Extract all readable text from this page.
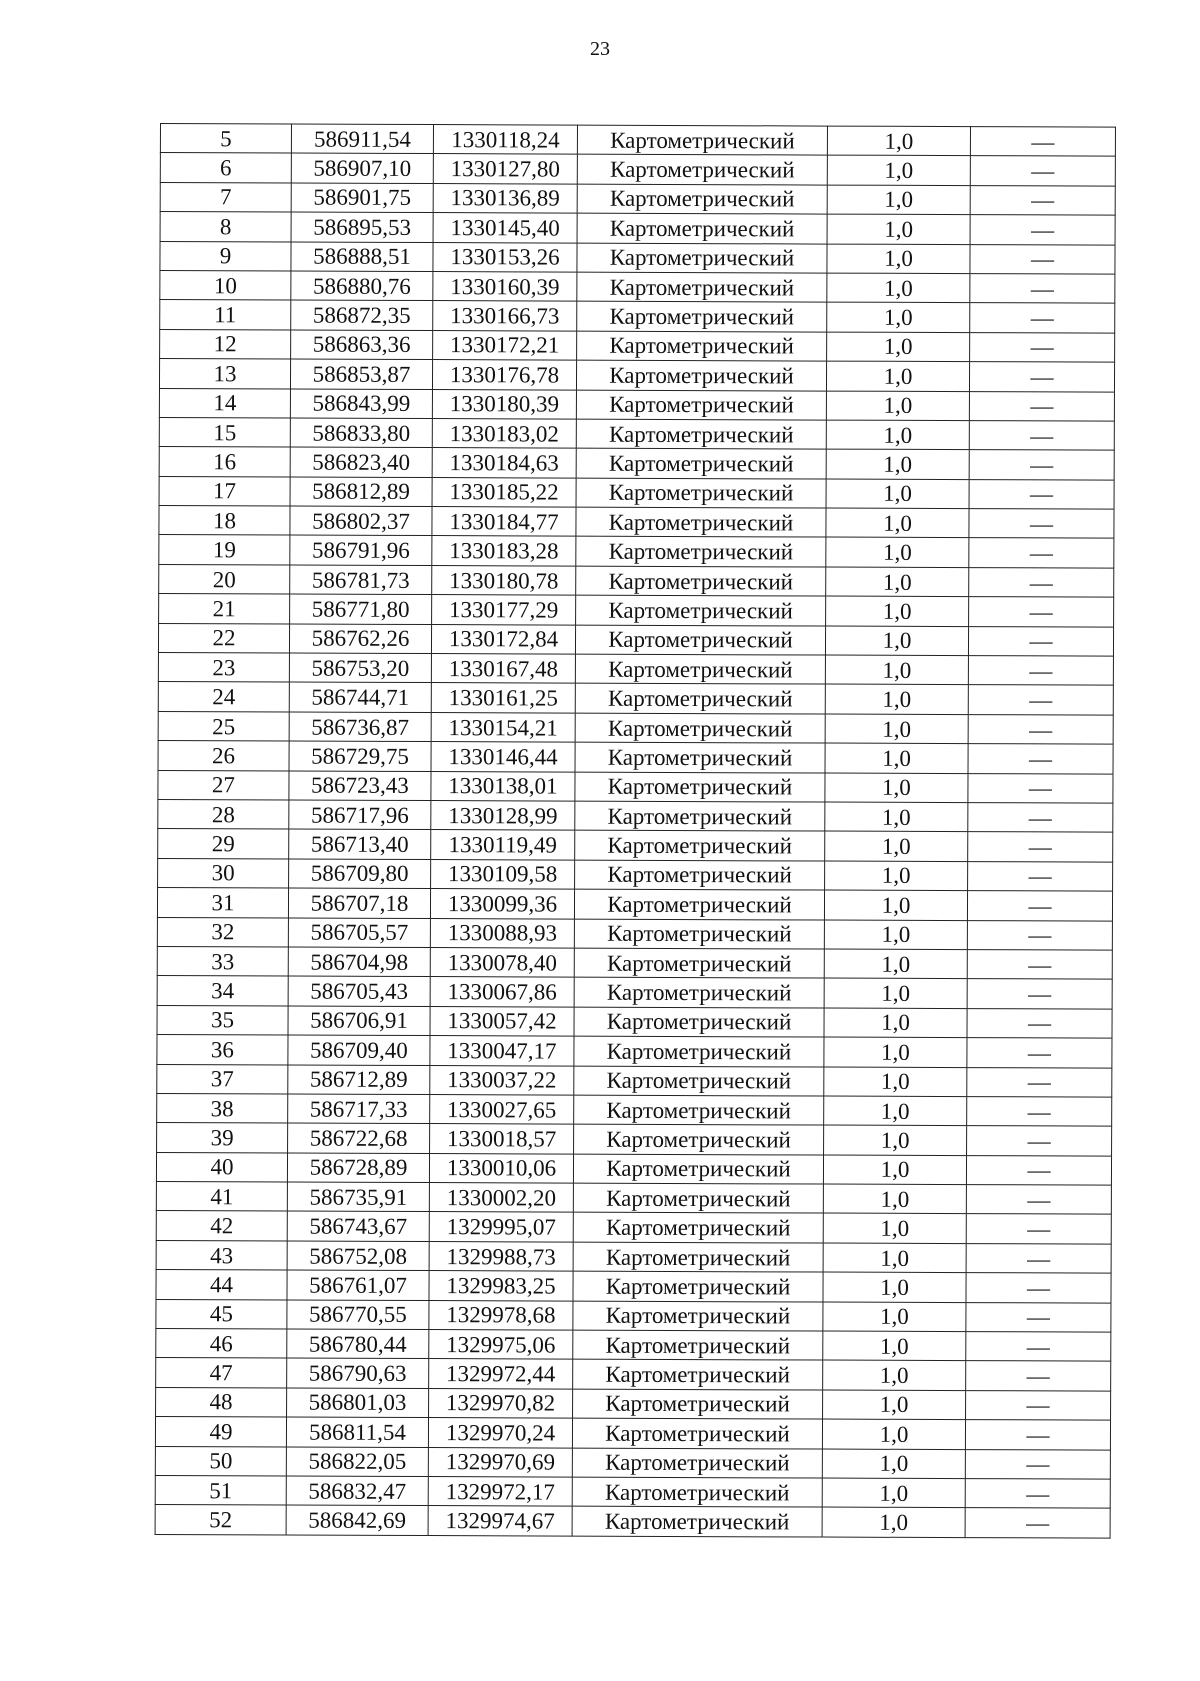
23
5	586911,54	1330118,24	Картометрический	1,0	—
6	586907,10	1330127,80	Картометрический	1,0	—
7	586901,75	1330136,89	Картометрический	1,0	—
8	586895,53	1330145,40	Картометрический	1,0	—
9	586888,51	1330153,26	Картометрический	1,0	—
10	586880,76	1330160,39	Картометрический	1,0	—
11	586872,35	1330166,73	Картометрический	1,0	—
12	586863,36	1330172,21	Картометрический	1,0	—
13	586853,87	1330176,78	Картометрический	1,0	—
14	586843,99	1330180,39	Картометрический	1,0	—
15	586833,80	1330183,02	Картометрический	1,0	—
16	586823,40	1330184,63	Картометрический	1,0	—
17	586812,89	1330185,22	Картометрический	1,0	—
18	586802,37	1330184,77	Картометрический	1,0	—
19	586791,96	1330183,28	Картометрический	1,0	—
20	586781,73	1330180,78	Картометрический	1,0	—
21	586771,80	1330177,29	Картометрический	1,0	—
22	586762,26	1330172,84	Картометрический	1,0	—
23	586753,20	1330167,48	Картометрический	1,0	—
24	586744,71	1330161,25	Картометрический	1,0	—
25	586736,87	1330154,21	Картометрический	1,0	—
26	586729,75	1330146,44	Картометрический	1,0	—
27	586723,43	1330138,01	Картометрический	1,0	—
28	586717,96	1330128,99	Картометрический	1,0	—
29	586713,40	1330119,49	Картометрический	1,0	—
30	586709,80	1330109,58	Картометрический	1,0	—
31	586707,18	1330099,36	Картометрический	1,0	—
32	586705,57	1330088,93	Картометрический	1,0	—
33	586704,98	1330078,40	Картометрический	1,0	—
34	586705,43	1330067,86	Картометрический	1,0	—
35	586706,91	1330057,42	Картометрический	1,0	—
36	586709,40	1330047,17	Картометрический	1,0	—
37	586712,89	1330037,22	Картометрический	1,0	—
38	586717,33	1330027,65	Картометрический	1,0	—
39	586722,68	1330018,57	Картометрический	1,0	—
40	586728,89	1330010,06	Картометрический	1,0	—
41	586735,91	1330002,20	Картометрический	1,0	—
42	586743,67	1329995,07	Картометрический	1,0	—
43	586752,08	1329988,73	Картометрический	1,0	—
44	586761,07	1329983,25	Картометрический	1,0	—
45	586770,55	1329978,68	Картометрический	1,0	—
46	586780,44	1329975,06	Картометрический	1,0	—
47	586790,63	1329972,44	Картометрический	1,0	—
48	586801,03	1329970,82	Картометрический	1,0	—
49	586811,54	1329970,24	Картометрический	1,0	—
50	586822,05	1329970,69	Картометрический	1,0	—
51	586832,47	1329972,17	Картометрический	1,0	—
52	586842,69	1329974,67	Картометрический	1,0	—
